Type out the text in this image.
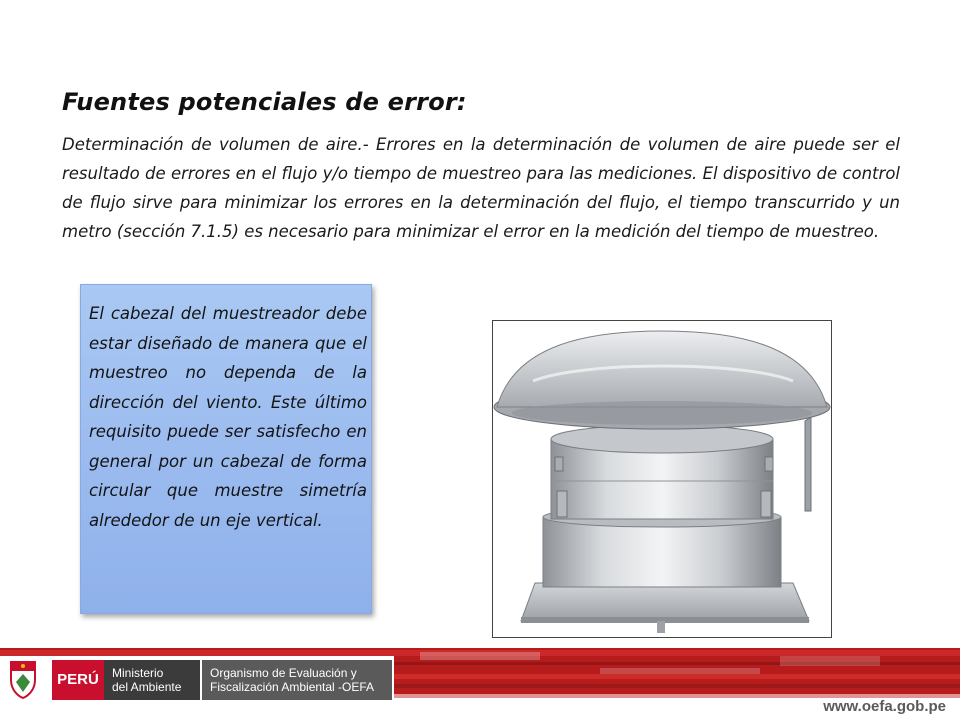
Fuentes potenciales de error:
Determinación de volumen de aire.- Errores en la determinación de volumen de aire puede ser el resultado de errores en el flujo y/o tiempo de muestreo para las mediciones. El dispositivo de control de flujo sirve para minimizar los errores en la determinación del flujo, el tiempo transcurrido y un metro (sección 7.1.5) es necesario para minimizar el error en la medición del tiempo de muestreo.
El cabezal del muestreador debe estar diseñado de manera que el muestreo no dependa de la dirección del viento. Este último requisito puede ser satisfecho en general por un cabezal de forma circular que muestre simetría alrededor de un eje vertical.
PERÚ	Ministerio
del Ambiente
Organismo de Evaluación y
Fiscalización Ambiental -OEFA
www.oefa.gob.pe
